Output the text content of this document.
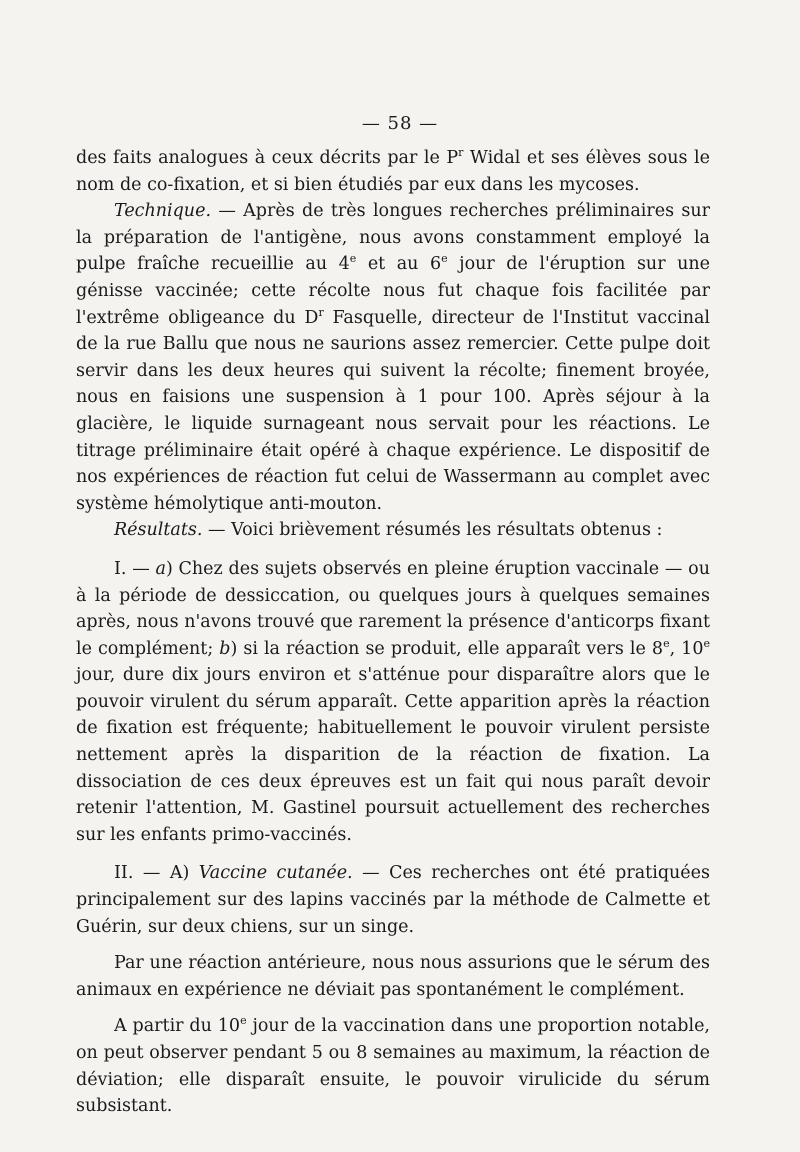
— 58 —

des faits analogues à ceux décrits par le $P^r$ Widal et ses élèves sous le nom de co-fixation, et si bien étudiés par eux dans les mycoses.

Technique. — Après de très longues recherches préliminaires sur la préparation de l'antigène, nous avons constamment employé la pulpe fraîche recueillie au 4e et au 6e jour de l'éruption sur une génisse vaccinée; cette récolte nous fut chaque fois facilitée par l'extrême obligeance du $D^r$ Fasquelle, directeur de l'Institut vaccinal de la rue Ballu que nous ne saurions assez remercier. Cette pulpe doit servir dans les deux heures qui suivent la récolte; finement broyée, nous en faisions une suspension à 1 pour 100. Après séjour à la glacière, le liquide surnageant nous servait pour les réactions. Le titrage préliminaire était opéré à chaque expérience. Le dispositif de nos expériences de réaction fut celui de Wassermann au complet avec système hémolytique anti-mouton.

Résultats. — Voici brièvement résumés les résultats obtenus :

I. — a) Chez des sujets observés en pleine éruption vaccinale — ou à la période de dessiccation, ou quelques jours à quelques semaines après, nous n'avons trouvé que rarement la présence d'anticorps fixant le complément; b) si la réaction se produit, elle apparaît vers le 8e, 10e jour, dure dix jours environ et s'atténue pour disparaître alors que le pouvoir virulent du sérum apparaît. Cette apparition après la réaction de fixation est fréquente; habituellement le pouvoir virulent persiste nettement après la disparition de la réaction de fixation. La dissociation de ces deux épreuves est un fait qui nous paraît devoir retenir l'attention, M. Gastinel poursuit actuellement des recherches sur les enfants primo-vaccinés.

II. — A) Vaccine cutanée. — Ces recherches ont été pratiquées principalement sur des lapins vaccinés par la méthode de Calmette et Guérin, sur deux chiens, sur un singe.

Par une réaction antérieure, nous nous assurions que le sérum des animaux en expérience ne déviait pas spontanément le complément.

A partir du 10e jour de la vaccination dans une proportion notable, on peut observer pendant 5 ou 8 semaines au maximum, la réaction de déviation; elle disparaît ensuite, le pouvoir virulicide du sérum subsistant.
